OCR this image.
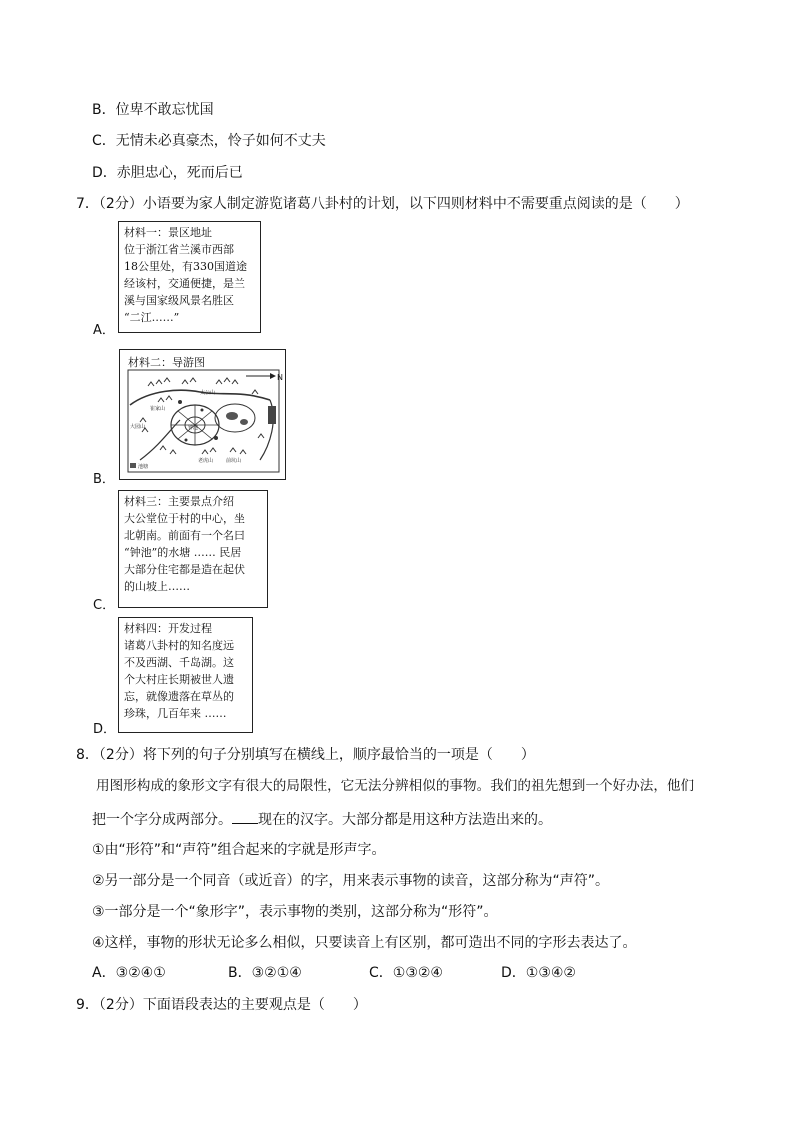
B．位卑不敢忘忧国
C．无情未必真豪杰，怜子如何不丈夫
D．赤胆忠心，死而后已
7．（2分）小语要为家人制定游览诸葛八卦村的计划，以下四则材料中不需要重点阅读的是（　　）
材料一：景区地址
位于浙江省兰溪市西部
18公里处，有330国道途
经该村，交通便捷，是兰
溪与国家级风景名胜区
“二江……”
A．
材料二：导游图
N
太公山
钟池
大园山
崔家山
老虎山	前坑山
池塘
B．
材料三：主要景点介绍
大公堂位于村的中心，坐
北朝南。前面有一个名曰
“钟池”的水塘 …… 民居
大部分住宅都是造在起伏
的山坡上……
C．
材料四：开发过程
诸葛八卦村的知名度远
不及西湖、千岛湖。这
个大村庄长期被世人遗
忘，就像遗落在草丛的
珍珠，几百年来 ……
D．
8．（2分）将下列的句子分别填写在横线上，顺序最恰当的一项是（　　）
用图形构成的象形文字有很大的局限性，它无法分辨相似的事物。我们的祖先想到一个好办法，他们
把一个字分成两部分。 现在的汉字。大部分都是用这种方法造出来的。
①由“形符”和“声符”组合起来的字就是形声字。
②另一部分是一个同音（或近音）的字，用来表示事物的读音，这部分称为“声符”。
③一部分是一个“象形字”，表示事物的类别，这部分称为“形符”。
④这样，事物的形状无论多么相似，只要读音上有区别，都可造出不同的字形去表达了。
A．③②④①	B．③②①④	C．①③②④	D．①③④②
9．（2分）下面语段表达的主要观点是（　　）
